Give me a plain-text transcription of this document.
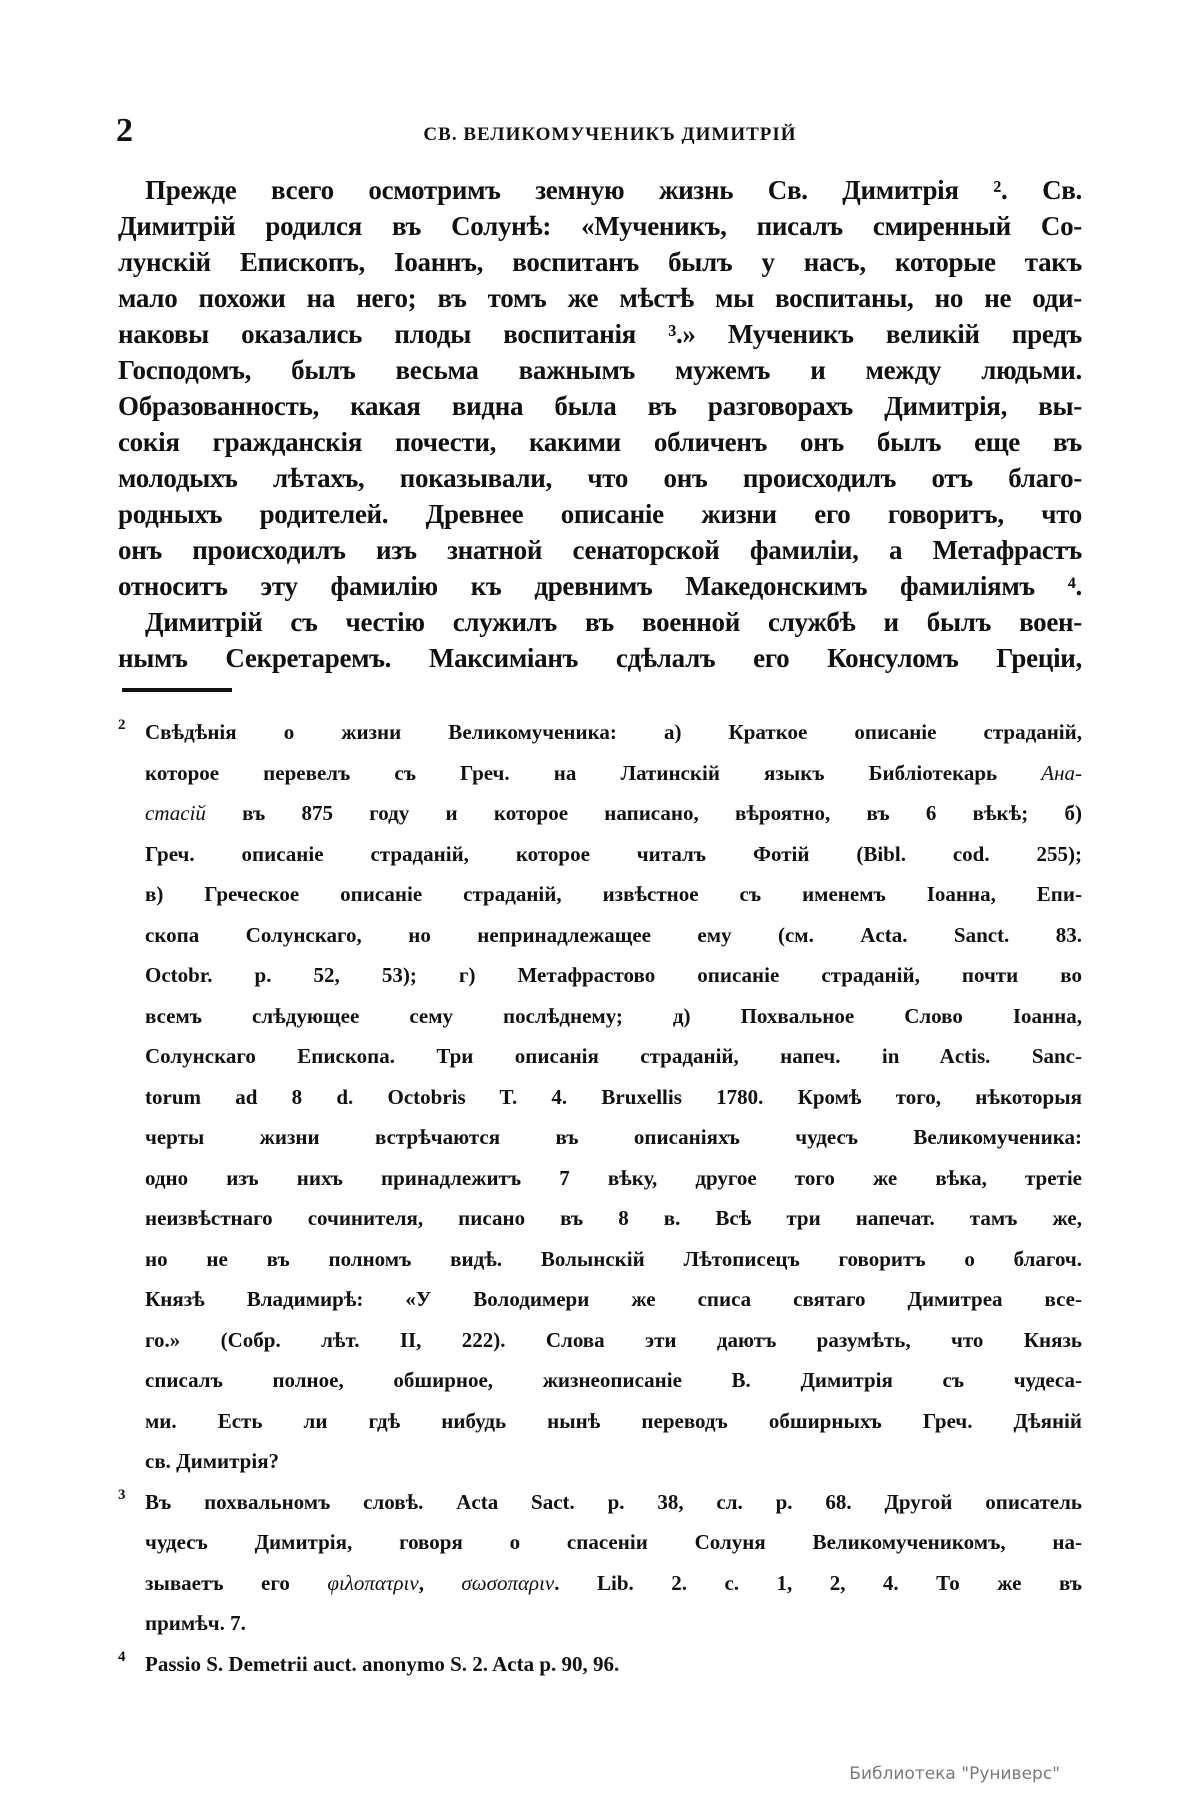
2	СВ. ВЕЛИКОМУЧЕНИКЪ ДИМИТРІЙ
Прежде всего осмотримъ земную жизнь Св. Димитрія ². Св.
Димитрій родился въ Солунѣ: «Мученикъ, писалъ смиренный Со-
лунскій Епископъ, Іоаннъ, воспитанъ былъ у насъ, которые такъ
мало похожи на него; въ томъ же мѣстѣ мы воспитаны, но не оди-
наковы оказались плоды воспитанія ³.» Мученикъ великій предъ
Господомъ, былъ весьма важнымъ мужемъ и между людьми.
Образованность, какая видна была въ разговорахъ Димитрія, вы-
сокія гражданскія почести, какими обличенъ онъ былъ еще въ
молодыхъ лѣтахъ, показывали, что онъ происходилъ отъ благо-
родныхъ родителей. Древнее описаніе жизни его говоритъ, что
онъ происходилъ изъ знатной сенаторской фамиліи, а Метафрастъ
относитъ эту фамилію къ древнимъ Македонскимъ фамиліямъ ⁴.
Димитрій съ честію служилъ въ военной службѣ и былъ воен-
нымъ Секретаремъ. Максиміанъ сдѣлалъ его Консуломъ Греціи,
2 Свѣдѣнія о жизни Великомученика: а) Краткое описаніе страданій,
которое перевелъ съ Греч. на Латинскій языкъ Библіотекарь Ана-
стасій въ 875 году и которое написано, вѣроятно, въ 6 вѣкѣ; б)
Греч. описаніе страданій, которое читалъ Фотій (Bibl. cod. 255);
в) Греческое описаніе страданій, извѣстное съ именемъ Іоанна, Епи-
скопа Солунскаго, но непринадлежащее ему (см. Acta. Sanct. 83.
Octobr. p. 52, 53); г) Метафрастово описаніе страданій, почти во
всемъ слѣдующее сему послѣднему; д) Похвальное Слово Іоанна,
Солунскаго Епископа. Три описанія страданій, напеч. in Actis. Sanc-
torum ad 8 d. Octobris T. 4. Bruxellis 1780. Кромѣ того, нѣкоторыя
черты жизни встрѣчаются въ описаніяхъ чудесъ Великомученика:
одно изъ нихъ принадлежитъ 7 вѣку, другое того же вѣка, третіе
неизвѣстнаго сочинителя, писано въ 8 в. Всѣ три напечат. тамъ же,
но не въ полномъ видѣ. Волынскій Лѣтописецъ говоритъ о благоч.
Князѣ Владимирѣ: «У Володимери же списа святаго Димитреа все-
го.» (Собр. лѣт. II, 222). Слова эти даютъ разумѣть, что Князь
списалъ полное, обширное, жизнеописаніе В. Димитрія съ чудеса-
ми. Есть ли гдѣ нибудь нынѣ переводъ обширныхъ Греч. Дѣяній
св. Димитрія?
3 Въ похвальномъ словѣ. Acta Sact. p. 38, сл. p. 68. Другой описатель
чудесъ Димитрія, говоря о спасеніи Солуня Великомученикомъ, на-
зываетъ его φιλοπατριν, σωσοπαριν. Lib. 2. c. 1, 2, 4. То же въ
примѣч. 7.
4 Passio S. Demetrii auct. anonymo S. 2. Acta p. 90, 96.
Библиотека "Руниверс"
